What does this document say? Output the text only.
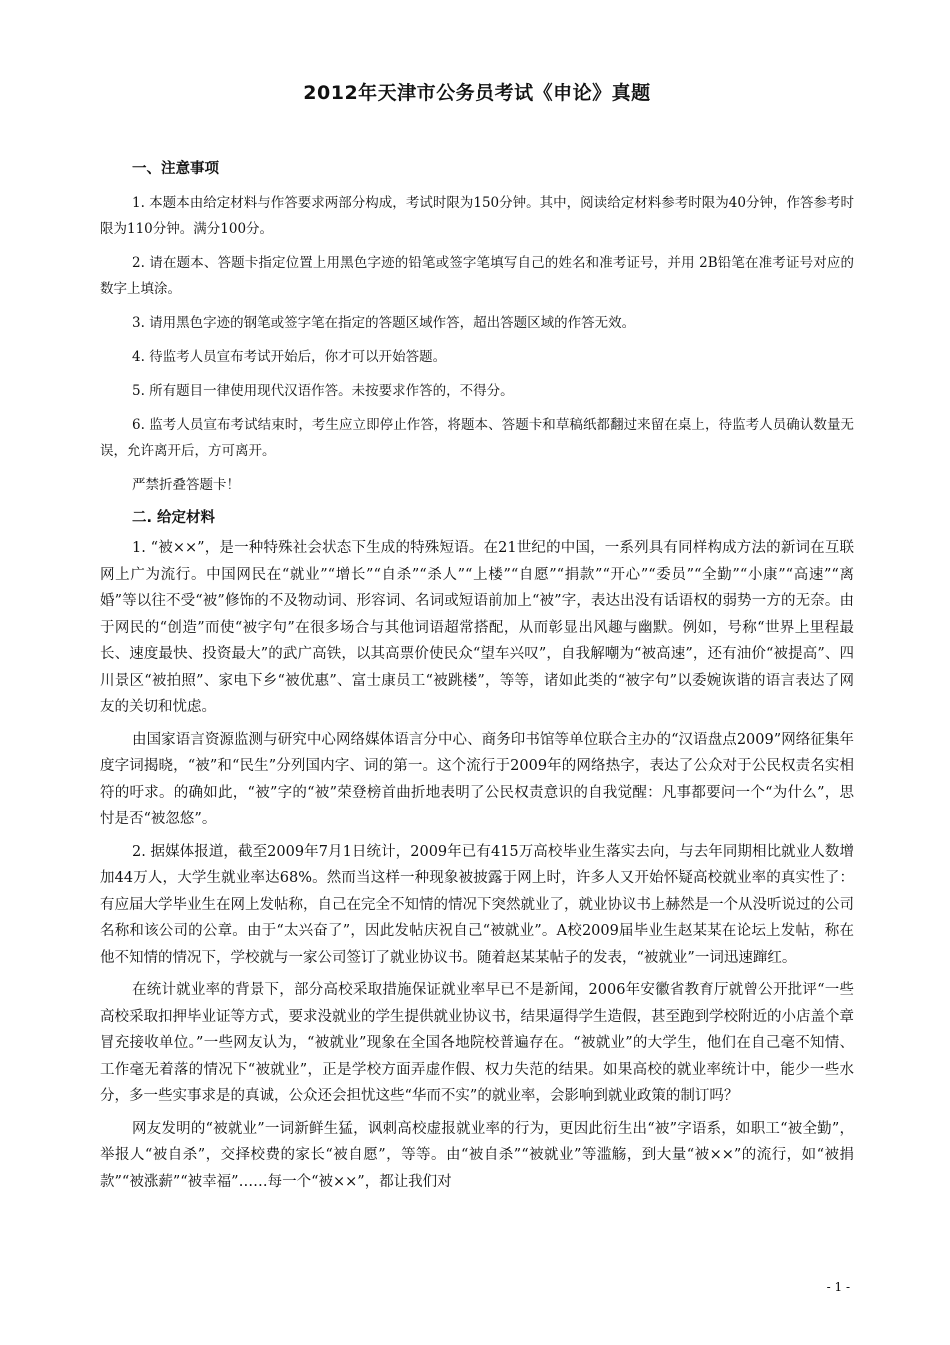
2012年天津市公务员考试《申论》真题
一、注意事项

1. 本题本由给定材料与作答要求两部分构成，考试时限为150分钟。其中，阅读给定材料参考时限为40分钟，作答参考时限为110分钟。满分100分。

2. 请在题本、答题卡指定位置上用黑色字迹的铅笔或签字笔填写自己的姓名和准考证号，并用 2B铅笔在准考证号对应的数字上填涂。

3. 请用黑色字迹的钢笔或签字笔在指定的答题区域作答，超出答题区域的作答无效。

4. 待监考人员宣布考试开始后，你才可以开始答题。

5. 所有题目一律使用现代汉语作答。未按要求作答的，不得分。

6. 监考人员宣布考试结束时，考生应立即停止作答，将题本、答题卡和草稿纸都翻过来留在桌上，待监考人员确认数量无误，允许离开后，方可离开。

严禁折叠答题卡！

二. 给定材料

1. “被××”，是一种特殊社会状态下生成的特殊短语。在21世纪的中国，一系列具有同样构成方法的新词在互联网上广为流行。中国网民在“就业”“增长”“自杀”“杀人”“上楼”“自愿”“捐款”“开心”“委员”“全勤”“小康”“高速”“离婚”等以往不受“被”修饰的不及物动词、形容词、名词或短语前加上“被”字，表达出没有话语权的弱势一方的无奈。由于网民的“创造”而使“被字句”在很多场合与其他词语超常搭配，从而彰显出风趣与幽默。例如，号称“世界上里程最长、速度最快、投资最大”的武广高铁，以其高票价使民众“望车兴叹”，自我解嘲为“被高速”，还有油价“被提高”、四川景区“被拍照”、家电下乡“被优惠”、富士康员工“被跳楼”，等等，诸如此类的“被字句”以委婉诙谐的语言表达了网友的关切和忧虑。

由国家语言资源监测与研究中心网络媒体语言分中心、商务印书馆等单位联合主办的“汉语盘点2009”网络征集年度字词揭晓，“被”和“民生”分列国内字、词的第一。这个流行于2009年的网络热字，表达了公众对于公民权责名实相符的吁求。的确如此，“被”字的“被”荣登榜首曲折地表明了公民权责意识的自我觉醒：凡事都要问一个“为什么”，思忖是否“被忽悠”。

2. 据媒体报道，截至2009年7月1日统计，2009年已有415万高校毕业生落实去向，与去年同期相比就业人数增加44万人，大学生就业率达68%。然而当这样一种现象被披露于网上时，许多人又开始怀疑高校就业率的真实性了：有应届大学毕业生在网上发帖称，自己在完全不知情的情况下突然就业了，就业协议书上赫然是一个从没听说过的公司名称和该公司的公章。由于“太兴奋了”，因此发帖庆祝自己“被就业”。A校2009届毕业生赵某某在论坛上发帖，称在他不知情的情况下，学校就与一家公司签订了就业协议书。随着赵某某帖子的发表，“被就业”一词迅速蹿红。

在统计就业率的背景下，部分高校采取措施保证就业率早已不是新闻，2006年安徽省教育厅就曾公开批评“一些高校采取扣押毕业证等方式，要求没就业的学生提供就业协议书，结果逼得学生造假，甚至跑到学校附近的小店盖个章冒充接收单位。”一些网友认为，“被就业”现象在全国各地院校普遍存在。“被就业”的大学生，他们在自己毫不知情、工作毫无着落的情况下“被就业”，正是学校方面弄虚作假、权力失范的结果。如果高校的就业率统计中，能少一些水分，多一些实事求是的真诚，公众还会担忧这些“华而不实”的就业率，会影响到就业政策的制订吗？

网友发明的“被就业”一词新鲜生猛，讽刺高校虚报就业率的行为，更因此衍生出“被”字语系，如职工“被全勤”，举报人“被自杀”，交择校费的家长“被自愿”，等等。由“被自杀”“被就业”等滥觞，到大量“被××”的流行，如“被捐款”“被涨薪”“被幸福”……每一个“被××”，都让我们对

- 1 -
